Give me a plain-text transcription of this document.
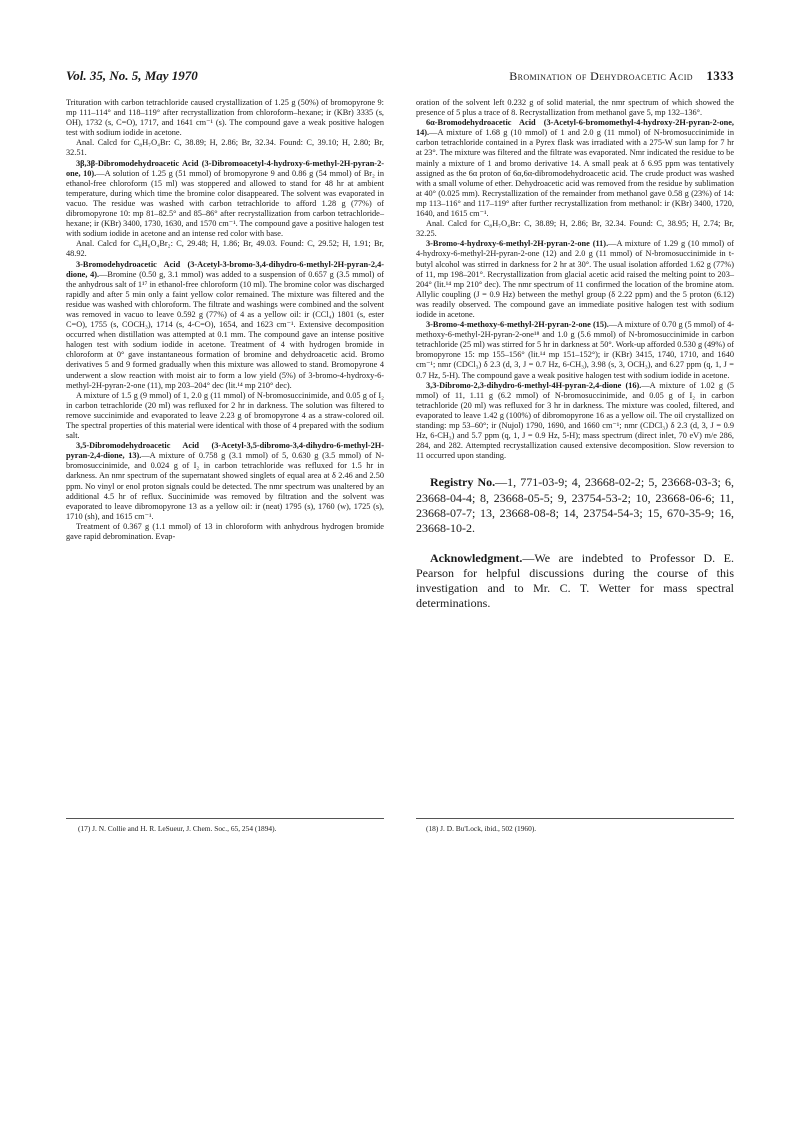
Vol. 35, No. 5, May 1970	Bromination of Dehydroacetic Acid 1333

Trituration with carbon tetrachloride caused crystallization of 1.25 g (50%) of bromopyrone 9: mp 111–114° and 118–119° after recrystallization from chloroform–hexane; ir (KBr) 3335 (s, OH), 1732 (s, C=O), 1717, and 1641 cm⁻¹ (s). The compound gave a weak positive halogen test with sodium iodide in acetone.

Anal. Calcd for C₈H₇O₄Br: C, 38.89; H, 2.86; Br, 32.34. Found: C, 39.10; H, 2.80; Br, 32.51.

3β,3β-Dibromodehydroacetic Acid (3-Dibromoacetyl-4-hydroxy-6-methyl-2H-pyran-2-one, 10).—A solution of 1.25 g (51 mmol) of bromopyrone 9 and 0.86 g (54 mmol) of Br₂ in ethanol-free chloroform (15 ml) was stoppered and allowed to stand for 48 hr at ambient temperature, during which time the bromine color disappeared. The solvent was evaporated in vacuo. The residue was washed with carbon tetrachloride to afford 1.28 g (77%) of dibromopyrone 10: mp 81–82.5° and 85–86° after recrystallization from carbon tetrachloride–hexane; ir (KBr) 3400, 1730, 1630, and 1570 cm⁻¹. The compound gave a positive halogen test with sodium iodide in acetone and an intense red color with base.

Anal. Calcd for C₈H₆O₄Br₂: C, 29.48; H, 1.86; Br, 49.03. Found: C, 29.52; H, 1.91; Br, 48.92.

3-Bromodehydroacetic Acid (3-Acetyl-3-bromo-3,4-dihydro-6-methyl-2H-pyran-2,4-dione, 4).—Bromine (0.50 g, 3.1 mmol) was added to a suspension of 0.657 g (3.5 mmol) of the anhydrous salt of 1¹⁷ in ethanol-free chloroform (10 ml). The bromine color was discharged rapidly and after 5 min only a faint yellow color remained. The mixture was filtered and the residue was washed with chloroform. The filtrate and washings were combined and the solvent was removed in vacuo to leave 0.592 g (77%) of 4 as a yellow oil: ir (CCl₄) 1801 (s, ester C=O), 1755 (s, COCH₃), 1714 (s, 4-C=O), 1654, and 1623 cm⁻¹. Extensive decomposition occurred when distillation was attempted at 0.1 mm. The compound gave an intense positive halogen test with sodium iodide in acetone. Treatment of 4 with hydrogen bromide in chloroform at 0° gave instantaneous formation of bromine and dehydroacetic acid. Bromo derivatives 5 and 9 formed gradually when this mixture was allowed to stand. Bromopyrone 4 underwent a slow reaction with moist air to form a low yield (5%) of 3-bromo-4-hydroxy-6-methyl-2H-pyran-2-one (11), mp 203–204° dec (lit.¹⁴ mp 210° dec).

A mixture of 1.5 g (9 mmol) of 1, 2.0 g (11 mmol) of N-bromosuccinimide, and 0.05 g of I₂ in carbon tetrachloride (20 ml) was refluxed for 2 hr in darkness. The solution was filtered to remove succinimide and evaporated to leave 2.23 g of bromopyrone 4 as a straw-colored oil. The spectral properties of this material were identical with those of 4 prepared with the sodium salt.

3,5-Dibromodehydroacetic Acid (3-Acetyl-3,5-dibromo-3,4-dihydro-6-methyl-2H-pyran-2,4-dione, 13).—A mixture of 0.758 g (3.1 mmol) of 5, 0.630 g (3.5 mmol) of N-bromosuccinimide, and 0.024 g of I₂ in carbon tetrachloride was refluxed for 1.5 hr in darkness. An nmr spectrum of the supernatant showed singlets of equal area at δ 2.46 and 2.50 ppm. No vinyl or enol proton signals could be detected. The nmr spectrum was unaltered by an additional 4.5 hr of reflux. Succinimide was removed by filtration and the solvent was evaporated to leave dibromopyrone 13 as a yellow oil: ir (neat) 1795 (s), 1760 (w), 1725 (s), 1710 (sh), and 1615 cm⁻¹.

Treatment of 0.367 g (1.1 mmol) of 13 in chloroform with anhydrous hydrogen bromide gave rapid debromination. Evap-

oration of the solvent left 0.232 g of solid material, the nmr spectrum of which showed the presence of 5 plus a trace of 8. Recrystallization from methanol gave 5, mp 132–136°.

6α-Bromodehydroacetic Acid (3-Acetyl-6-bromomethyl-4-hydroxy-2H-pyran-2-one, 14).—A mixture of 1.68 g (10 mmol) of 1 and 2.0 g (11 mmol) of N-bromosuccinimide in carbon tetrachloride contained in a Pyrex flask was irradiated with a 275-W sun lamp for 7 hr at 23°. The mixture was filtered and the filtrate was evaporated. Nmr indicated the residue to be mainly a mixture of 1 and bromo derivative 14. A small peak at δ 6.95 ppm was tentatively assigned as the 6α proton of 6α,6α-dibromodehydroacetic acid. The crude product was washed with a small volume of ether. Dehydroacetic acid was removed from the residue by sublimation at 40° (0.025 mm). Recrystallization of the remainder from methanol gave 0.58 g (23%) of 14: mp 113–116° and 117–119° after further recrystallization from methanol: ir (KBr) 3400, 1720, 1640, and 1615 cm⁻¹.

Anal. Calcd for C₈H₇O₄Br: C, 38.89; H, 2.86; Br, 32.34. Found: C, 38.95; H, 2.74; Br, 32.25.

3-Bromo-4-hydroxy-6-methyl-2H-pyran-2-one (11).—A mixture of 1.29 g (10 mmol) of 4-hydroxy-6-methyl-2H-pyran-2-one (12) and 2.0 g (11 mmol) of N-bromosuccinimide in t-butyl alcohol was stirred in darkness for 2 hr at 30°. The usual isolation afforded 1.62 g (77%) of 11, mp 198–201°. Recrystallization from glacial acetic acid raised the melting point to 203–204° (lit.¹⁴ mp 210° dec). The nmr spectrum of 11 confirmed the location of the bromine atom. Allylic coupling (J = 0.9 Hz) between the methyl group (δ 2.22 ppm) and the 5 proton (6.12) was readily observed. The compound gave an immediate positive halogen test with sodium iodide in acetone.

3-Bromo-4-methoxy-6-methyl-2H-pyran-2-one (15).—A mixture of 0.70 g (5 mmol) of 4-methoxy-6-methyl-2H-pyran-2-one¹⁸ and 1.0 g (5.6 mmol) of N-bromosuccinimide in carbon tetrachloride (25 ml) was stirred for 5 hr in darkness at 50°. Work-up afforded 0.530 g (49%) of bromopyrone 15: mp 155–156° (lit.¹⁴ mp 151–152°); ir (KBr) 3415, 1740, 1710, and 1640 cm⁻¹; nmr (CDCl₃) δ 2.3 (d, 3, J = 0.7 Hz, 6-CH₃), 3.98 (s, 3, OCH₃), and 6.27 ppm (q, 1, J = 0.7 Hz, 5-H). The compound gave a weak positive halogen test with sodium iodide in acetone.

3,3-Dibromo-2,3-dihydro-6-methyl-4H-pyran-2,4-dione (16).—A mixture of 1.02 g (5 mmol) of 11, 1.11 g (6.2 mmol) of N-bromosuccinimide, and 0.05 g of I₂ in carbon tetrachloride (20 ml) was refluxed for 3 hr in darkness. The mixture was cooled, filtered, and evaporated to leave 1.42 g (100%) of dibromopyrone 16 as a yellow oil. The oil crystallized on standing: mp 53–60°; ir (Nujol) 1790, 1690, and 1660 cm⁻¹; nmr (CDCl₃) δ 2.3 (d, 3, J = 0.9 Hz, 6-CH₃) and 5.7 ppm (q, 1, J = 0.9 Hz, 5-H); mass spectrum (direct inlet, 70 eV) m/e 286, 284, and 282. Attempted recrystallization caused extensive decomposition. Slow reversion to 11 occurred upon standing.

Registry No.—1, 771-03-9; 4, 23668-02-2; 5, 23668-03-3; 6, 23668-04-4; 8, 23668-05-5; 9, 23754-53-2; 10, 23668-06-6; 11, 23668-07-7; 13, 23668-08-8; 14, 23754-54-3; 15, 670-35-9; 16, 23668-10-2.

Acknowledgment.—We are indebted to Professor D. E. Pearson for helpful discussions during the course of this investigation and to Mr. C. T. Wetter for mass spectral determinations.

(17) J. N. Collie and H. R. LeSueur, J. Chem. Soc., 65, 254 (1894).	(18) J. D. Bu'Lock, ibid., 502 (1960).
